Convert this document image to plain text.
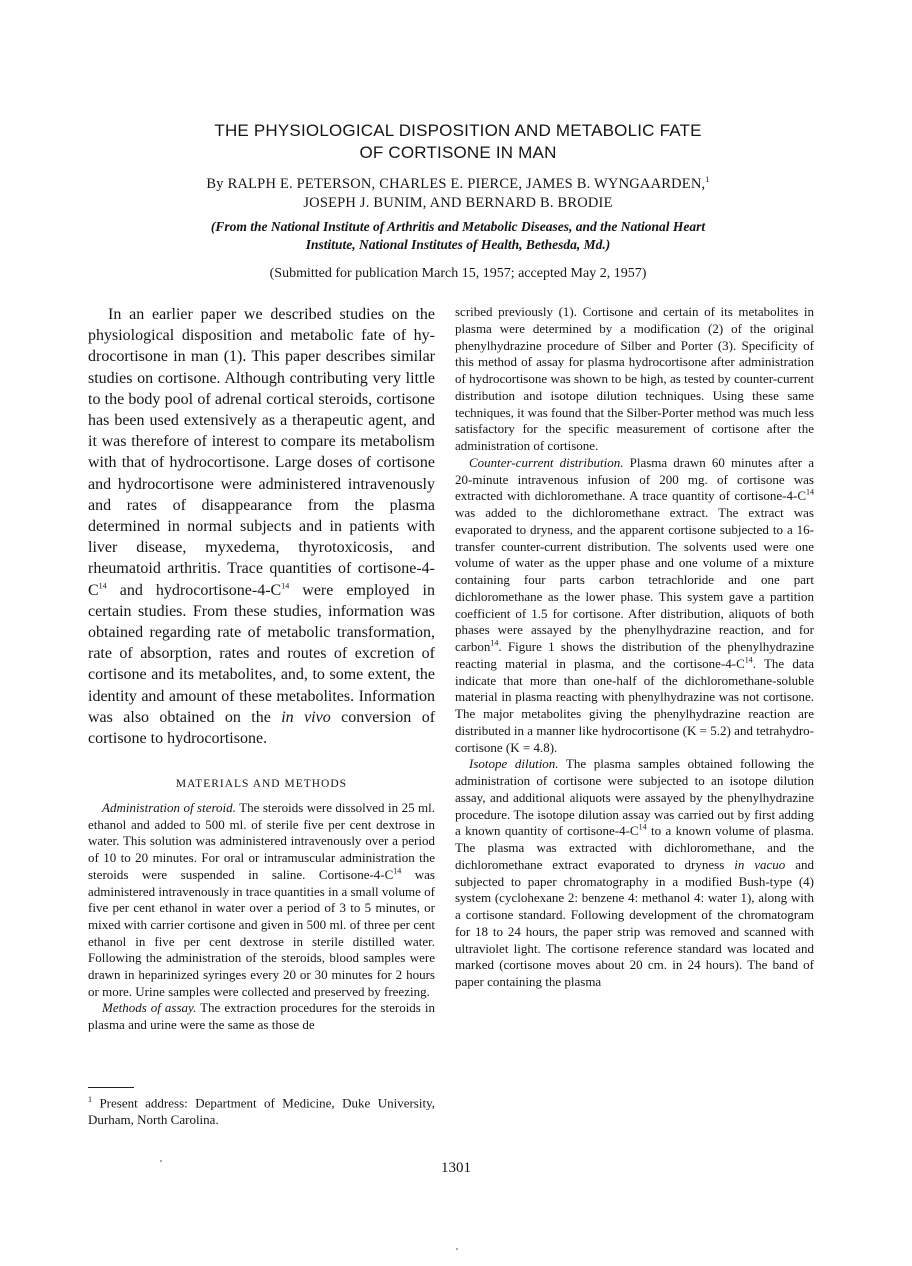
THE PHYSIOLOGICAL DISPOSITION AND METABOLIC FATE
OF CORTISONE IN MAN
By RALPH E. PETERSON, CHARLES E. PIERCE, JAMES B. WYNGAARDEN,$^1$
JOSEPH J. BUNIM, AND BERNARD B. BRODIE
(From the National Institute of Arthritis and Metabolic Diseases, and the National Heart
Institute, National Institutes of Health, Bethesda, Md.)
(Submitted for publication March 15, 1957; accepted May 2, 1957)

In an earlier paper we described studies on the physiological disposition and metabolic fate of hydrocortisone in man (1). This paper describes similar studies on cortisone. Although contributing very little to the body pool of adrenal cortical steroids, cortisone has been used extensively as a therapeutic agent, and it was therefore of interest to compare its metabolism with that of hydrocortisone. Large doses of cortisone and hydrocortisone were administered intravenously and rates of disappearance from the plasma determined in normal subjects and in patients with liver disease, myxedema, thyrotoxicosis, and rheumatoid arthritis. Trace quantities of cortisone-$4-C^{14}$ and hydrocortisone-$4-C^{14}$ were employed in certain studies. From these studies, information was obtained regarding rate of metabolic transformation, rate of absorption, rates and routes of excretion of cortisone and its metabolites, and, to some extent, the identity and amount of these metabolites. Information was also obtained on the in vivo conversion of cortisone to hydrocortisone.

MATERIALS AND METHODS

Administration of steroid. The steroids were dissolved in 25 ml. ethanol and added to 500 ml. of sterile five per cent dextrose in water. This solution was administered intravenously over a period of 10 to 20 minutes. For oral or intramuscular administration the steroids were suspended in saline. Cortisone-$4-C^{14}$ was administered intravenously in trace quantities in a small volume of five per cent ethanol in water over a period of 3 to 5 minutes, or mixed with carrier cortisone and given in 500 ml. of three per cent ethanol in five per cent dextrose in sterile distilled water. Following the administration of the steroids, blood samples were drawn in heparinized syringes every 20 or 30 minutes for 2 hours or more. Urine samples were collected and preserved by freezing.

Methods of assay. The extraction procedures for the steroids in plasma and urine were the same as those de

$^1$ Present address: Department of Medicine, Duke University, Durham, North Carolina.

scribed previously (1). Cortisone and certain of its metabolites in plasma were determined by a modification (2) of the original phenylhydrazine procedure of Silber and Porter (3). Specificity of this method of assay for plasma hydrocortisone after administration of hydrocortisone was shown to be high, as tested by counter-current distribution and isotope dilution techniques. Using these same techniques, it was found that the Silber-Porter method was much less satisfactory for the specific measurement of cortisone after the administration of cortisone.

Counter-current distribution. Plasma drawn 60 minutes after a 20-minute intravenous infusion of 200 mg. of cortisone was extracted with dichloromethane. A trace quantity of cortisone-$4-C^{14}$ was added to the dichloromethane extract. The extract was evaporated to dryness, and the apparent cortisone subjected to a 16-transfer counter-current distribution. The solvents used were one volume of water as the upper phase and one volume of a mixture containing four parts carbon tetrachloride and one part dichloromethane as the lower phase. This system gave a partition coefficient of 1.5 for cortisone. After distribution, aliquots of both phases were assayed by the phenylhydrazine reaction, and for carbon$^{14}$. Figure 1 shows the distribution of the phenylhydrazine reacting material in plasma, and the cortisone-$4-C^{14}$. The data indicate that more than one-half of the dichloromethane-soluble material in plasma reacting with phenylhydrazine was not cortisone. The major metabolites giving the phenylhydrazine reaction are distributed in a manner like hydrocortisone (K = 5.2) and tetrahydrocortisone (K = 4.8).

Isotope dilution. The plasma samples obtained following the administration of cortisone were subjected to an isotope dilution assay, and additional aliquots were assayed by the phenylhydrazine procedure. The isotope dilution assay was carried out by first adding a known quantity of cortisone-$4-C^{14}$ to a known volume of plasma. The plasma was extracted with dichloromethane, and the dichloromethane extract evaporated to dryness in vacuo and subjected to paper chromatography in a modified Bush-type (4) system (cyclohexane 2: benzene 4: methanol 4: water 1), along with a cortisone standard. Following development of the chromatogram for 18 to 24 hours, the paper strip was removed and scanned with ultraviolet light. The cortisone reference standard was located and marked (cortisone moves about 20 cm. in 24 hours). The band of paper containing the plasma

1301
